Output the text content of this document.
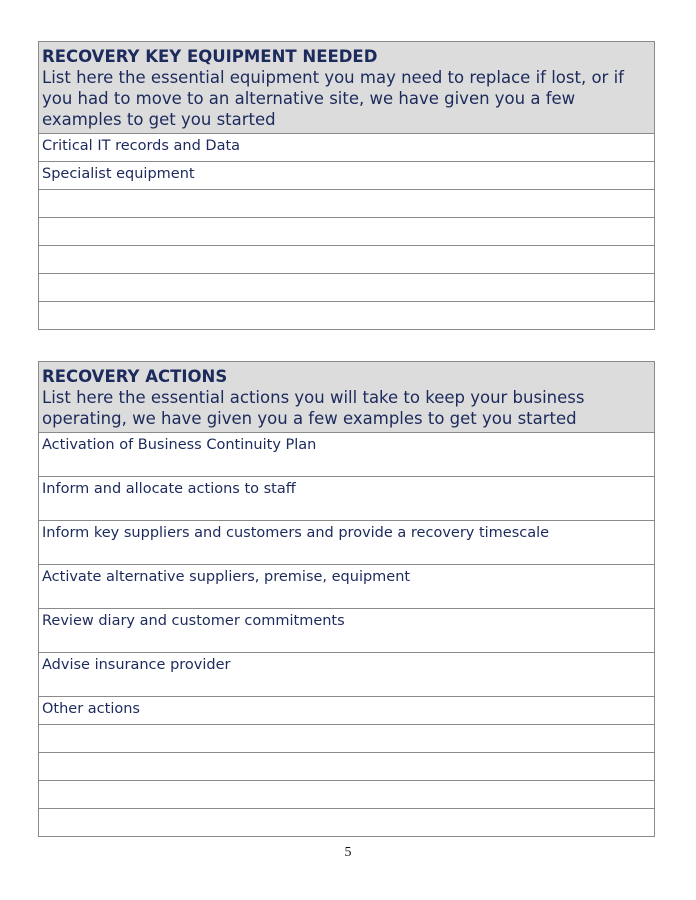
RECOVERY KEY EQUIPMENT NEEDED
List here the essential equipment you may need to replace if lost, or if you had to move to an alternative site, we have given you a few examples to get you started

Critical IT records and Data

Specialist equipment

RECOVERY ACTIONS
List here the essential actions you will take to keep your business operating, we have given you a few examples to get you started

Activation of Business Continuity Plan

Inform and allocate actions to staff

Inform key suppliers and customers and provide a recovery timescale

Activate alternative suppliers, premise, equipment

Review diary and customer commitments

Advise insurance provider

Other actions

5
